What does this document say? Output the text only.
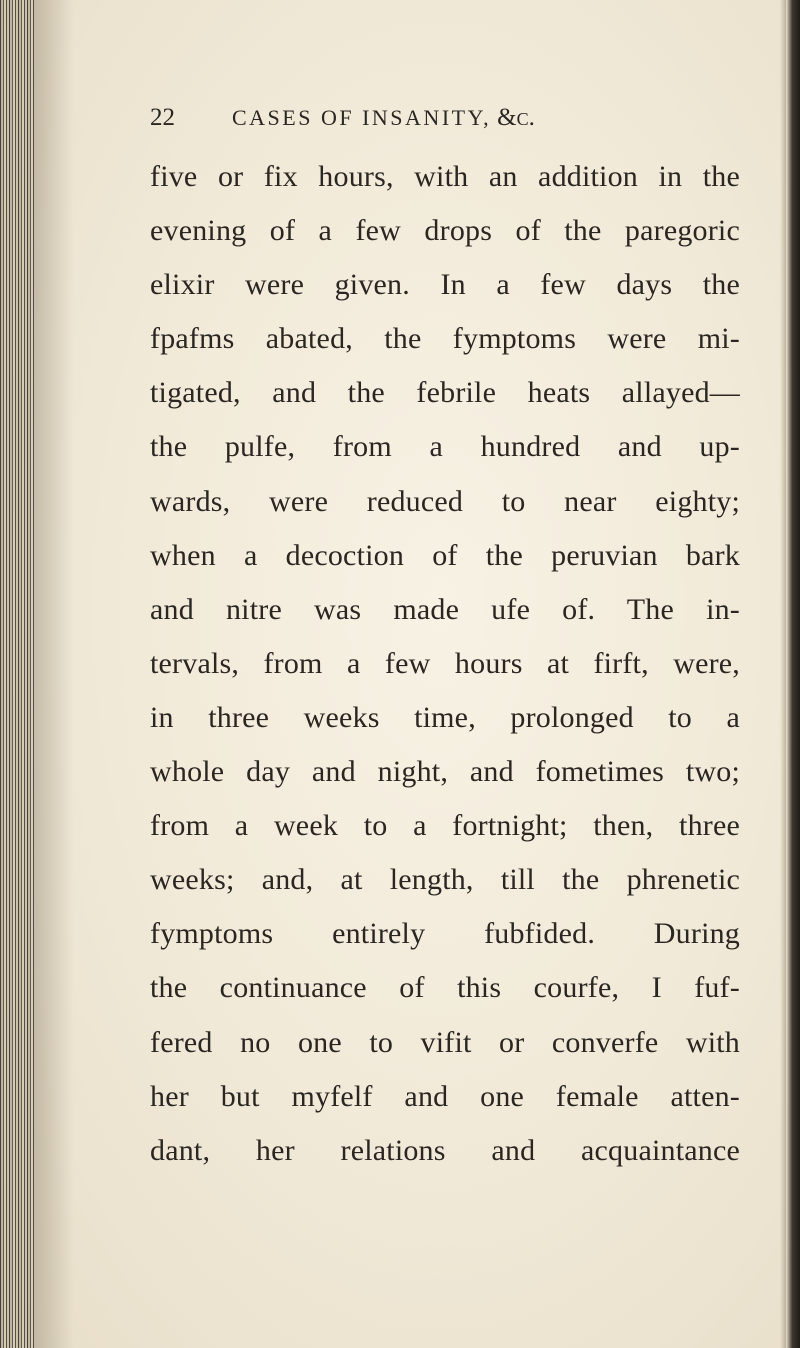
22	CASES OF INSANITY, &c.
five or fix hours, with an addition in the
evening of a few drops of the paregoric
elixir were given. In a few days the
fpafms abated, the fymptoms were mi-
tigated, and the febrile heats allayed—
the pulfe, from a hundred and up-
wards, were reduced to near eighty;
when a decoction of the peruvian bark
and nitre was made ufe of. The in-
tervals, from a few hours at firft, were,
in three weeks time, prolonged to a
whole day and night, and fometimes two;
from a week to a fortnight; then, three
weeks; and, at length, till the phrenetic
fymptoms entirely fubfided. During
the continuance of this courfe, I fuf-
fered no one to vifit or converfe with
her but myfelf and one female atten-
dant, her relations and acquaintance
